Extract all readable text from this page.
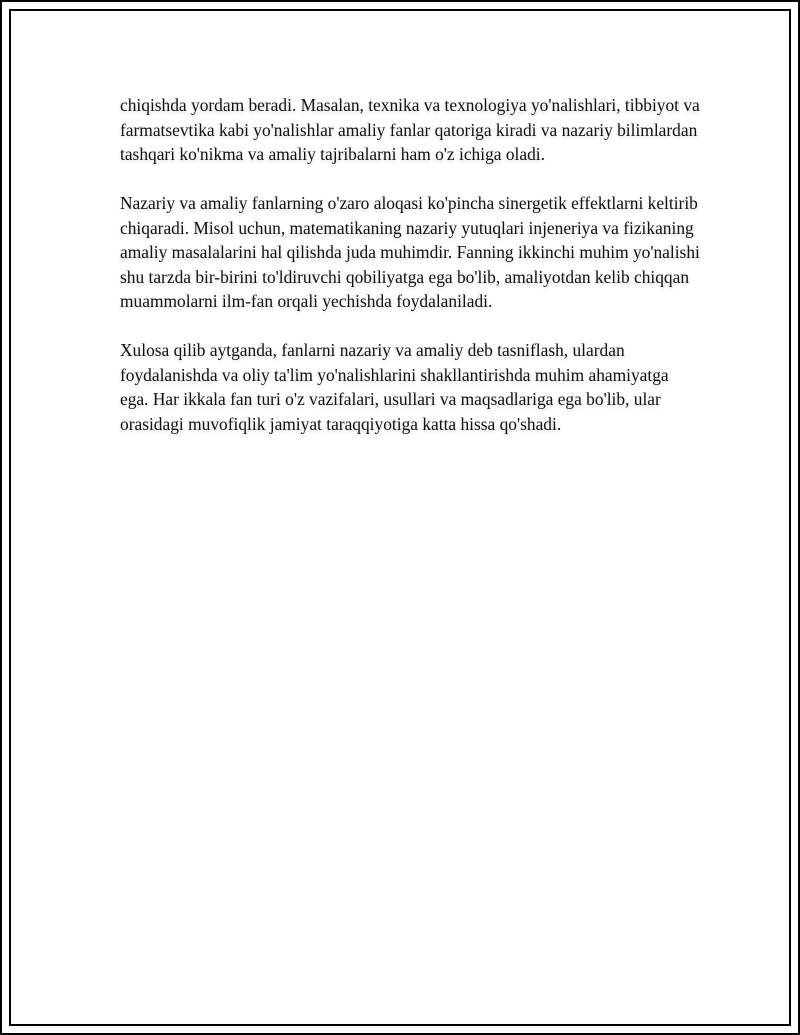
chiqishda yordam beradi. Masalan, texnika va texnologiya yo'nalishlari, tibbiyot va farmatsevtika kabi yo'nalishlar amaliy fanlar qatoriga kiradi va nazariy bilimlardan tashqari ko'nikma va amaliy tajribalarni ham o'z ichiga oladi.

Nazariy va amaliy fanlarning o'zaro aloqasi ko'pincha sinergetik effektlarni keltirib chiqaradi. Misol uchun, matematikaning nazariy yutuqlari injeneriya va fizikaning amaliy masalalarini hal qilishda juda muhimdir. Fanning ikkinchi muhim yo'nalishi shu tarzda bir-birini to'ldiruvchi qobiliyatga ega bo'lib, amaliyotdan kelib chiqqan muammolarni ilm-fan orqali yechishda foydalaniladi.

Xulosa qilib aytganda, fanlarni nazariy va amaliy deb tasniflash, ulardan foydalanishda va oliy ta'lim yo'nalishlarini shakllantirishda muhim ahamiyatga ega. Har ikkala fan turi o'z vazifalari, usullari va maqsadlariga ega bo'lib, ular orasidagi muvofiqlik jamiyat taraqqiyotiga katta hissa qo'shadi.
